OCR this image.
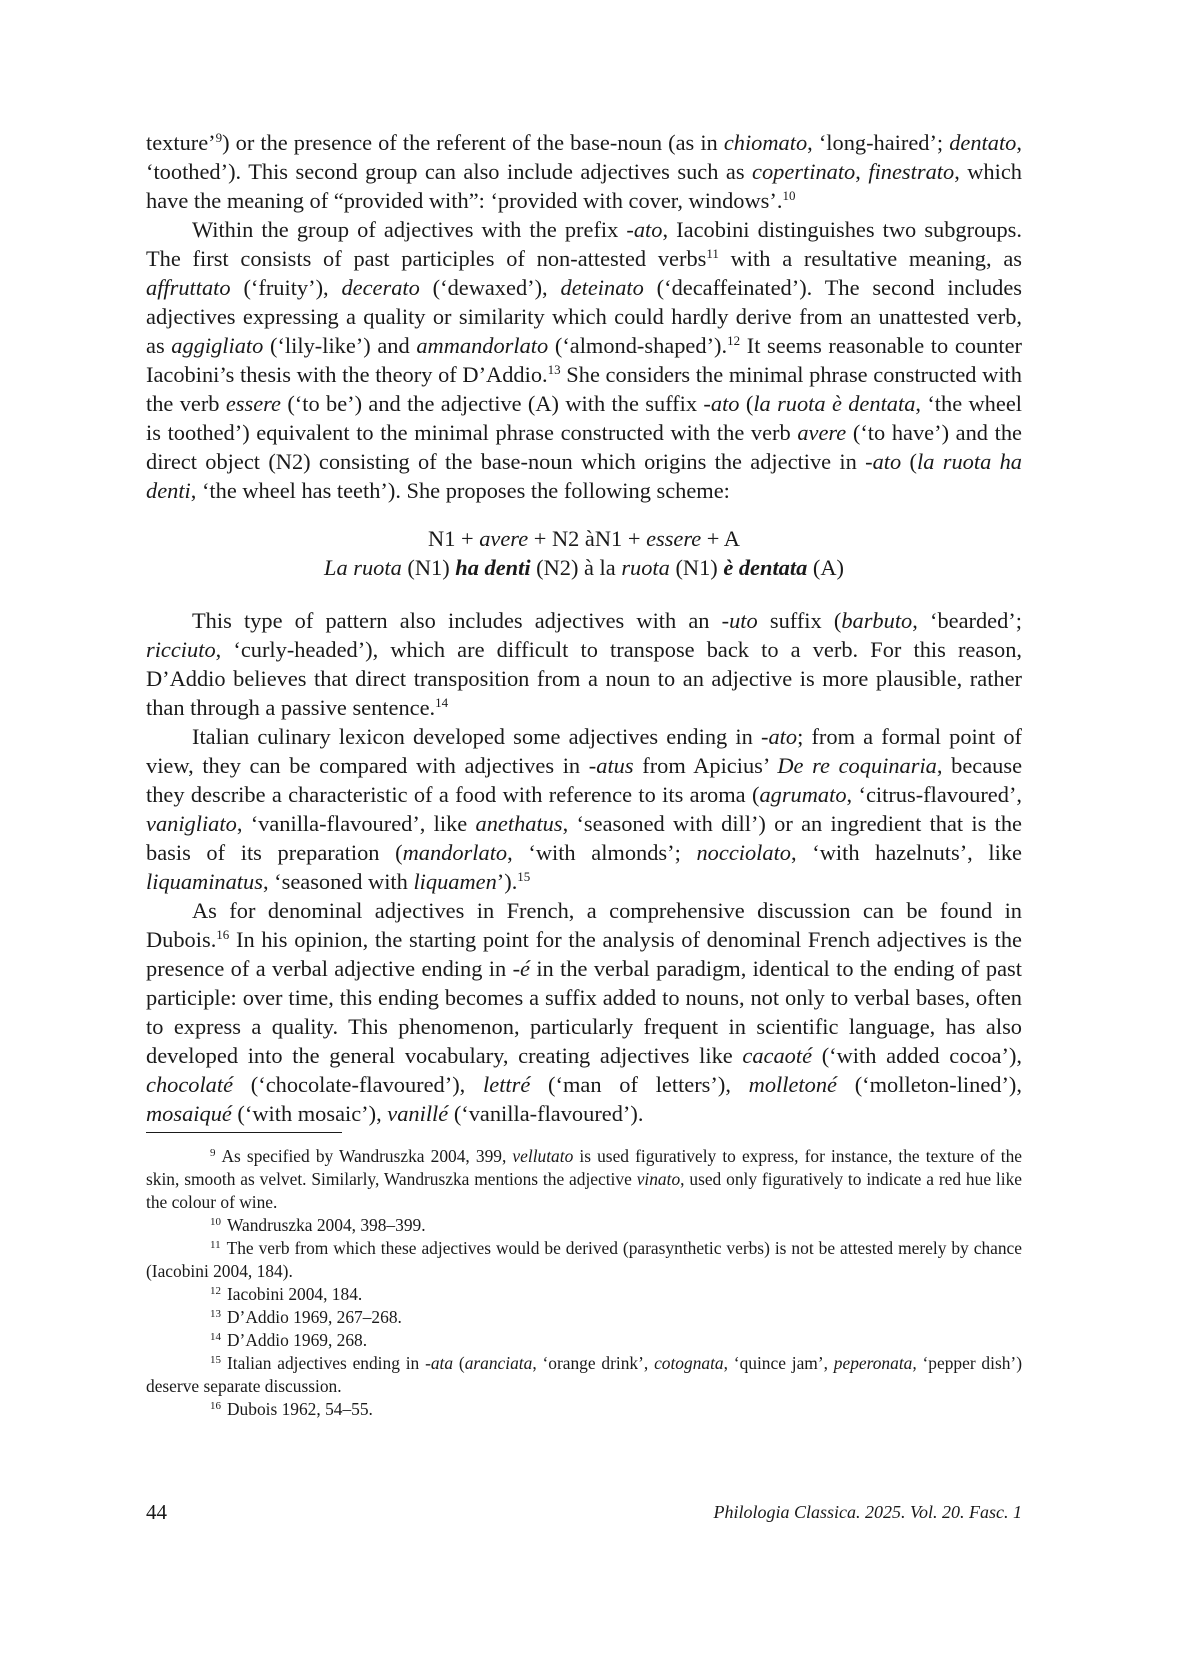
texture’$^9$) or the presence of the referent of the base-noun (as in chiomato, ‘long-haired’; dentato, ‘toothed’). This second group can also include adjectives such as copertinato, finestrato, which have the meaning of “provided with”: ‘provided with cover, windows’.$^{10}$

Within the group of adjectives with the prefix -ato, Iacobini distinguishes two subgroups. The first consists of past participles of non-attested verbs$^{11}$ with a resultative meaning, as affruttato (‘fruity’), decerato (‘dewaxed’), deteinato (‘decaffeinated’). The second includes adjectives expressing a quality or similarity which could hardly derive from an unattested verb, as aggigliato (‘lily-like’) and ammandorlato (‘almond-shaped’).$^{12}$ It seems reasonable to counter Iacobini’s thesis with the theory of D’Addio.$^{13}$ She considers the minimal phrase constructed with the verb essere (‘to be’) and the adjective (A) with the suffix -ato (la ruota è dentata, ‘the wheel is toothed’) equivalent to the minimal phrase constructed with the verb avere (‘to have’) and the direct object (N2) consisting of the base-noun which origins the adjective in -ato (la ruota ha denti, ‘the wheel has teeth’). She proposes the following scheme:

N1 + avere + N2 àN1 + essere + A
La ruota (N1) ha denti (N2) à la ruota (N1) è dentata (A)

This type of pattern also includes adjectives with an -uto suffix (barbuto, ‘bearded’; ricciuto, ‘curly-headed’), which are difficult to transpose back to a verb. For this reason, D’Addio believes that direct transposition from a noun to an adjective is more plausible, rather than through a passive sentence.$^{14}$

Italian culinary lexicon developed some adjectives ending in -ato; from a formal point of view, they can be compared with adjectives in -atus from Apicius’ De re coquinaria, because they describe a characteristic of a food with reference to its aroma (agrumato, ‘citrus-flavoured’, vanigliato, ‘vanilla-flavoured’, like anethatus, ‘seasoned with dill’) or an ingredient that is the basis of its preparation (mandorlato, ‘with almonds’; nocciolato, ‘with hazelnuts’, like liquaminatus, ‘seasoned with liquamen’).$^{15}$

As for denominal adjectives in French, a comprehensive discussion can be found in Dubois.$^{16}$ In his opinion, the starting point for the analysis of denominal French adjectives is the presence of a verbal adjective ending in -é in the verbal paradigm, identical to the ending of past participle: over time, this ending becomes a suffix added to nouns, not only to verbal bases, often to express a quality. This phenomenon, particularly frequent in scientific language, has also developed into the general vocabulary, creating adjectives like cacaoté (‘with added cocoa’), chocolaté (‘chocolate-flavoured’), lettré (‘man of letters’), molletoné (‘molleton-lined’), mosaiqué (‘with mosaic’), vanillé (‘vanilla-flavoured’).

$^9$ As specified by Wandruszka 2004, 399, vellutato is used figuratively to express, for instance, the texture of the skin, smooth as velvet. Similarly, Wandruszka mentions the adjective vinato, used only figuratively to indicate a red hue like the colour of wine.

$^{10}$ Wandruszka 2004, 398–399.

$^{11}$ The verb from which these adjectives would be derived (parasynthetic verbs) is not be attested merely by chance (Iacobini 2004, 184).

$^{12}$ Iacobini 2004, 184.

$^{13}$ D’Addio 1969, 267–268.

$^{14}$ D’Addio 1969, 268.

$^{15}$ Italian adjectives ending in -ata (aranciata, ‘orange drink’, cotognata, ‘quince jam’, peperonata, ‘pepper dish’) deserve separate discussion.

$^{16}$ Dubois 1962, 54–55.

44	Philologia Classica. 2025. Vol. 20. Fasc. 1
